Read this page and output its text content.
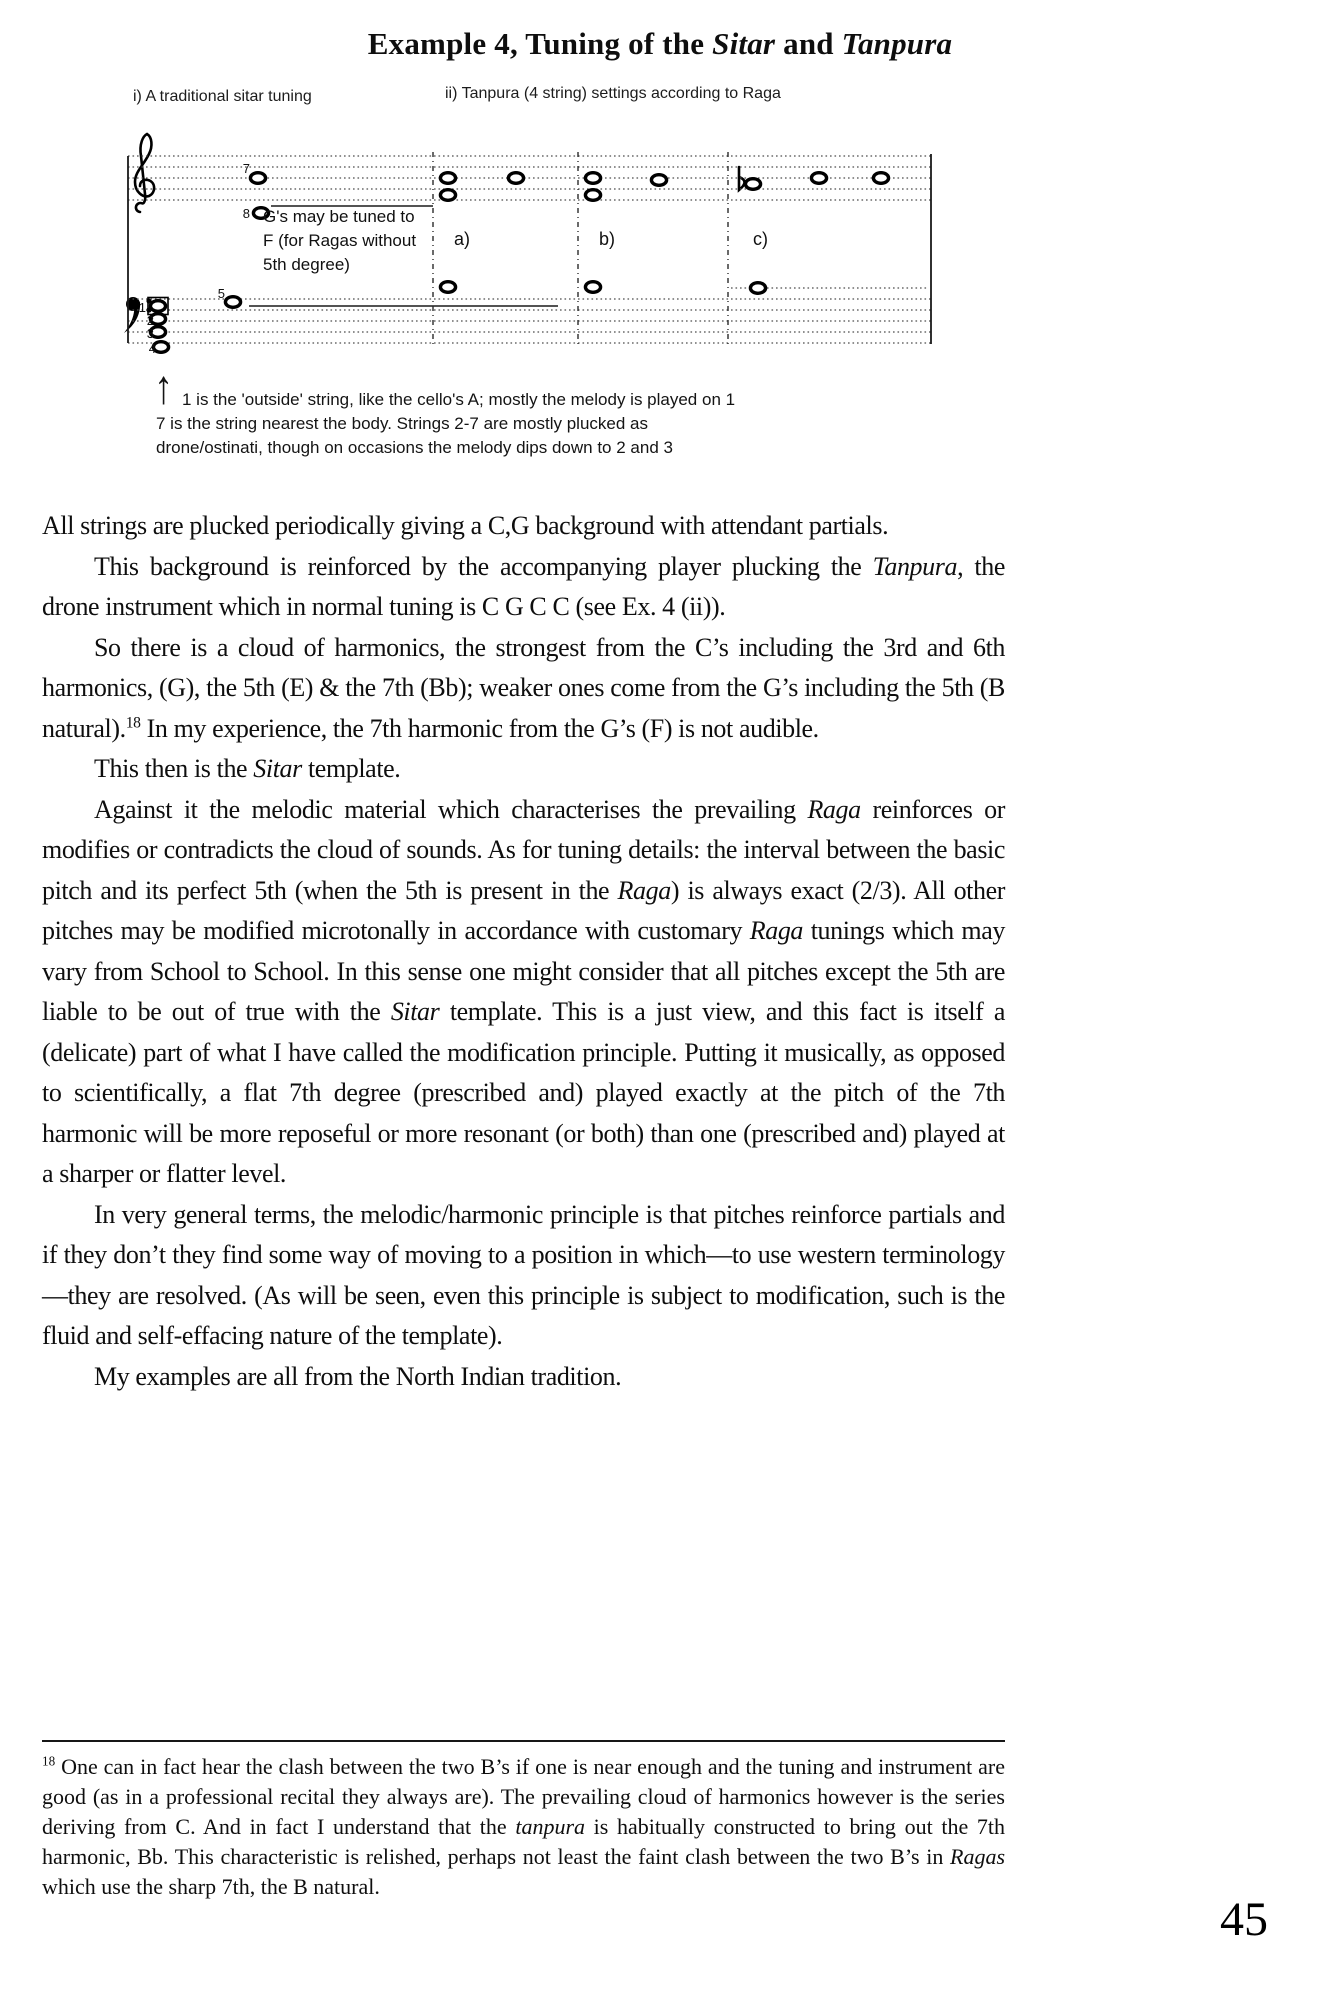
Example 4, Tuning of the Sitar and Tanpura
i) A traditional sitar tuning	ii) Tanpura (4 string) settings according to Raga
7
8
1
2
3
4
5
a)	b)	c)
G's may be tuned to
F (for Ragas without
5th degree)
↑ 1 is the 'outside' string, like the cello's A; mostly the melody is played on 1
7 is the string nearest the body. Strings 2-7 are mostly plucked as
drone/ostinati, though on occasions the melody dips down to 2 and 3

All strings are plucked periodically giving a C,G background with attendant partials.

This background is reinforced by the accompanying player plucking the Tanpura, the drone instrument which in normal tuning is C G C C (see Ex. 4 (ii)).

So there is a cloud of harmonics, the strongest from the C’s including the 3rd and 6th harmonics, (G), the 5th (E) & the 7th (Bb); weaker ones come from the G’s including the 5th (B natural).$^{18}$ In my experience, the 7th harmonic from the G’s (F) is not audible.

This then is the Sitar template.

Against it the melodic material which characterises the prevailing Raga reinforces or modifies or contradicts the cloud of sounds. As for tuning details: the interval between the basic pitch and its perfect 5th (when the 5th is present in the Raga) is always exact (2/3). All other pitches may be modified microtonally in accordance with customary Raga tunings which may vary from School to School. In this sense one might consider that all pitches except the 5th are liable to be out of true with the Sitar template. This is a just view, and this fact is itself a (delicate) part of what I have called the modification principle. Putting it musically, as opposed to scientifically, a flat 7th degree (prescribed and) played exactly at the pitch of the 7th harmonic will be more reposeful or more resonant (or both) than one (prescribed and) played at a sharper or flatter level.

In very general terms, the melodic/harmonic principle is that pitches reinforce partials and if they don’t they find some way of moving to a position in which—to use western terminology—they are resolved. (As will be seen, even this principle is subject to modification, such is the fluid and self-effacing nature of the template).

My examples are all from the North Indian tradition.

$^{18}$ One can in fact hear the clash between the two B’s if one is near enough and the tuning and instrument are good (as in a professional recital they always are). The prevailing cloud of harmonics however is the series deriving from C. And in fact I understand that the tanpura is habitually constructed to bring out the 7th harmonic, Bb. This characteristic is relished, perhaps not least the faint clash between the two B’s in Ragas which use the sharp 7th, the B natural.

45
